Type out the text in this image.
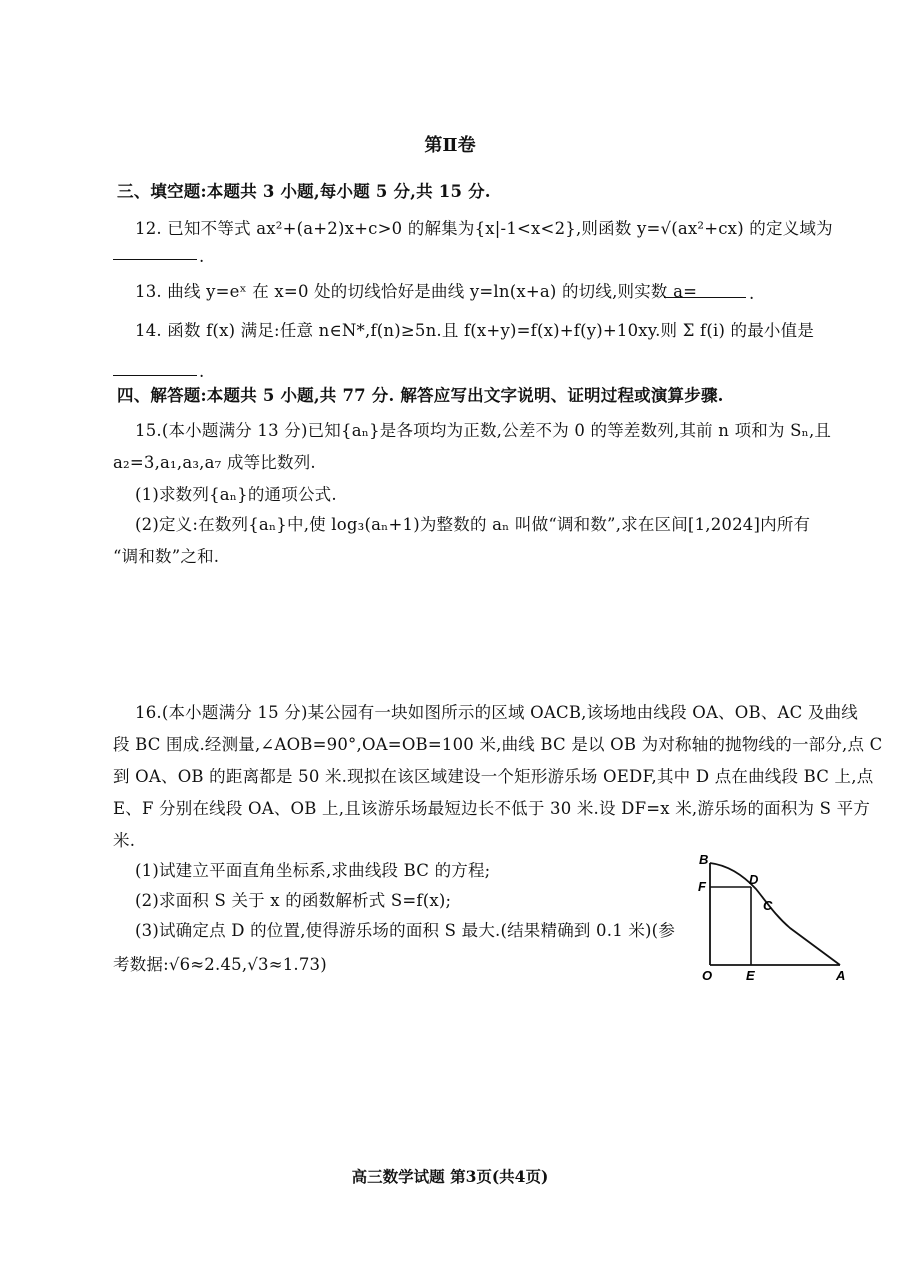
第Ⅱ卷
三、填空题:本题共 3 小题,每小题 5 分,共 15 分.
12. 已知不等式 ax²+(a+2)x+c>0 的解集为{x|-1<x<2},则函数 y=√(ax²+cx) 的定义域为
.
13. 曲线 y=eˣ 在 x=0 处的切线恰好是曲线 y=ln(x+a) 的切线,则实数 a=	.
14. 函数 f(x) 满足:任意 n∈N*,f(n)≥5n.且 f(x+y)=f(x)+f(y)+10xy.则 Σ f(i) 的最小值是
.
四、解答题:本题共 5 小题,共 77 分. 解答应写出文字说明、证明过程或演算步骤.
15.(本小题满分 13 分)已知{aₙ}是各项均为正数,公差不为 0 的等差数列,其前 n 项和为 Sₙ,且
a₂=3,a₁,a₃,a₇ 成等比数列.
(1)求数列{aₙ}的通项公式.
(2)定义:在数列{aₙ}中,使 log₃(aₙ+1)为整数的 aₙ 叫做“调和数”,求在区间[1,2024]内所有
“调和数”之和.
16.(本小题满分 15 分)某公园有一块如图所示的区域 OACB,该场地由线段 OA、OB、AC 及曲线
段 BC 围成.经测量,∠AOB=90°,OA=OB=100 米,曲线 BC 是以 OB 为对称轴的抛物线的一部分,点 C
到 OA、OB 的距离都是 50 米.现拟在该区域建设一个矩形游乐场 OEDF,其中 D 点在曲线段 BC 上,点
E、F 分别在线段 OA、OB 上,且该游乐场最短边长不低于 30 米.设 DF=x 米,游乐场的面积为 S 平方
米.
(1)试建立平面直角坐标系,求曲线段 BC 的方程;
(2)求面积 S 关于 x 的函数解析式 S=f(x);
(3)试确定点 D 的位置,使得游乐场的面积 S 最大.(结果精确到 0.1 米)(参
考数据:√6≈2.45,√3≈1.73)
B
F	D
C
O	E	A
高三数学试题 第3页(共4页)
